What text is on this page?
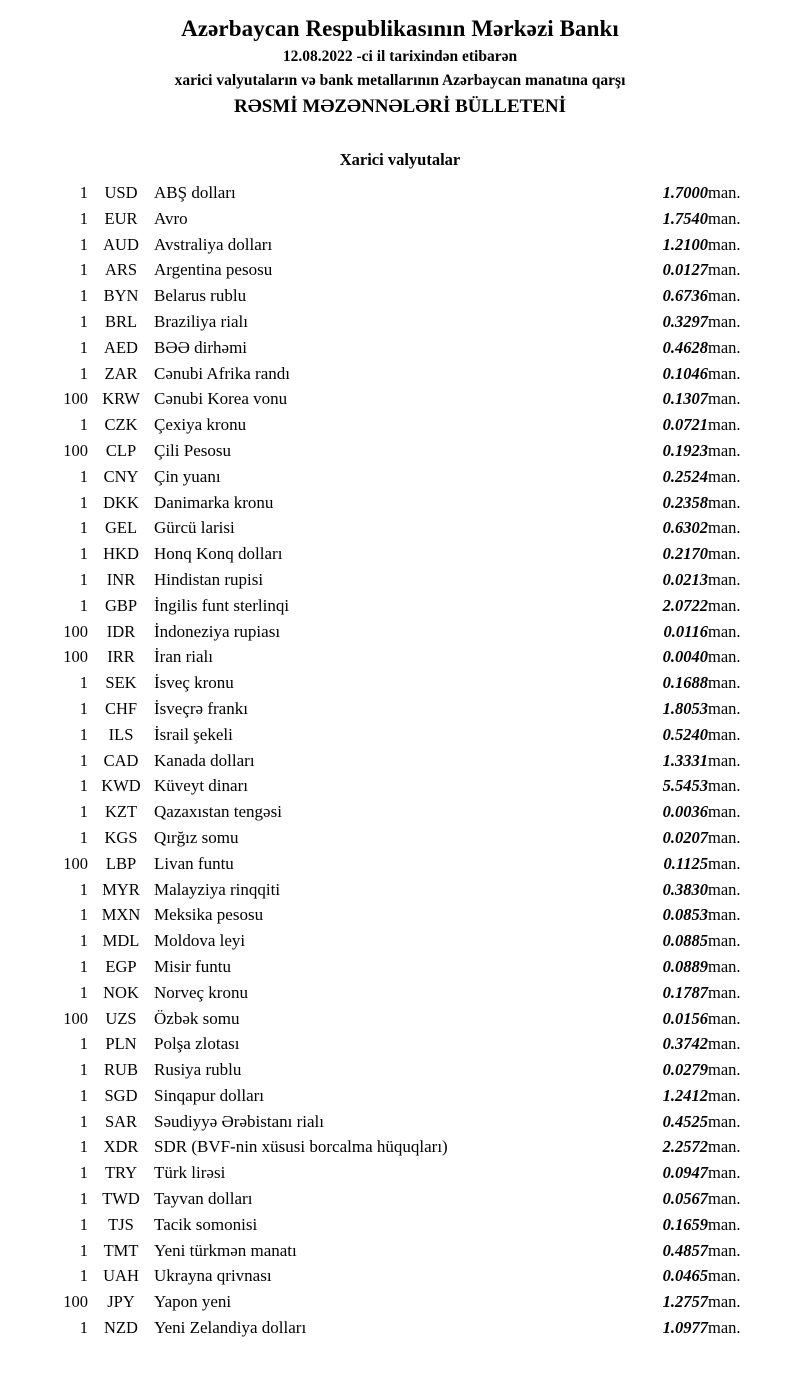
Azərbaycan Respublikasının Mərkəzi Bankı
12.08.2022 -ci il tarixindən etibarən
xarici valyutaların və bank metallarının Azərbaycan manatına qarşı
RƏSMİ MƏZƏNNƏLƏRİ BÜLLETENİ
Xarici valyutalar
1	USD	ABŞ dolları	1.7000	man.
1	EUR	Avro	1.7540	man.
1	AUD	Avstraliya dolları	1.2100	man.
1	ARS	Argentina pesosu	0.0127	man.
1	BYN	Belarus rublu	0.6736	man.
1	BRL	Braziliya rialı	0.3297	man.
1	AED	BƏƏ dirhəmi	0.4628	man.
1	ZAR	Cənubi Afrika randı	0.1046	man.
100	KRW	Cənubi Korea vonu	0.1307	man.
1	CZK	Çexiya kronu	0.0721	man.
100	CLP	Çili Pesosu	0.1923	man.
1	CNY	Çin yuanı	0.2524	man.
1	DKK	Danimarka kronu	0.2358	man.
1	GEL	Gürcü larisi	0.6302	man.
1	HKD	Honq Konq dolları	0.2170	man.
1	INR	Hindistan rupisi	0.0213	man.
1	GBP	İngilis funt sterlinqi	2.0722	man.
100	IDR	İndoneziya rupiası	0.0116	man.
100	IRR	İran rialı	0.0040	man.
1	SEK	İsveç kronu	0.1688	man.
1	CHF	İsveçrə frankı	1.8053	man.
1	ILS	İsrail şekeli	0.5240	man.
1	CAD	Kanada dolları	1.3331	man.
1	KWD	Küveyt dinarı	5.5453	man.
1	KZT	Qazaxıstan tengəsi	0.0036	man.
1	KGS	Qırğız somu	0.0207	man.
100	LBP	Livan funtu	0.1125	man.
1	MYR	Malayziya rinqqiti	0.3830	man.
1	MXN	Meksika pesosu	0.0853	man.
1	MDL	Moldova leyi	0.0885	man.
1	EGP	Misir funtu	0.0889	man.
1	NOK	Norveç kronu	0.1787	man.
100	UZS	Özbək somu	0.0156	man.
1	PLN	Polşa zlotası	0.3742	man.
1	RUB	Rusiya rublu	0.0279	man.
1	SGD	Sinqapur dolları	1.2412	man.
1	SAR	Səudiyyə Ərəbistanı rialı	0.4525	man.
1	XDR	SDR (BVF-nin xüsusi borcalma hüquqları)	2.2572	man.
1	TRY	Türk lirəsi	0.0947	man.
1	TWD	Tayvan dolları	0.0567	man.
1	TJS	Tacik somonisi	0.1659	man.
1	TMT	Yeni türkmən manatı	0.4857	man.
1	UAH	Ukrayna qrivnası	0.0465	man.
100	JPY	Yapon yeni	1.2757	man.
1	NZD	Yeni Zelandiya dolları	1.0977	man.
